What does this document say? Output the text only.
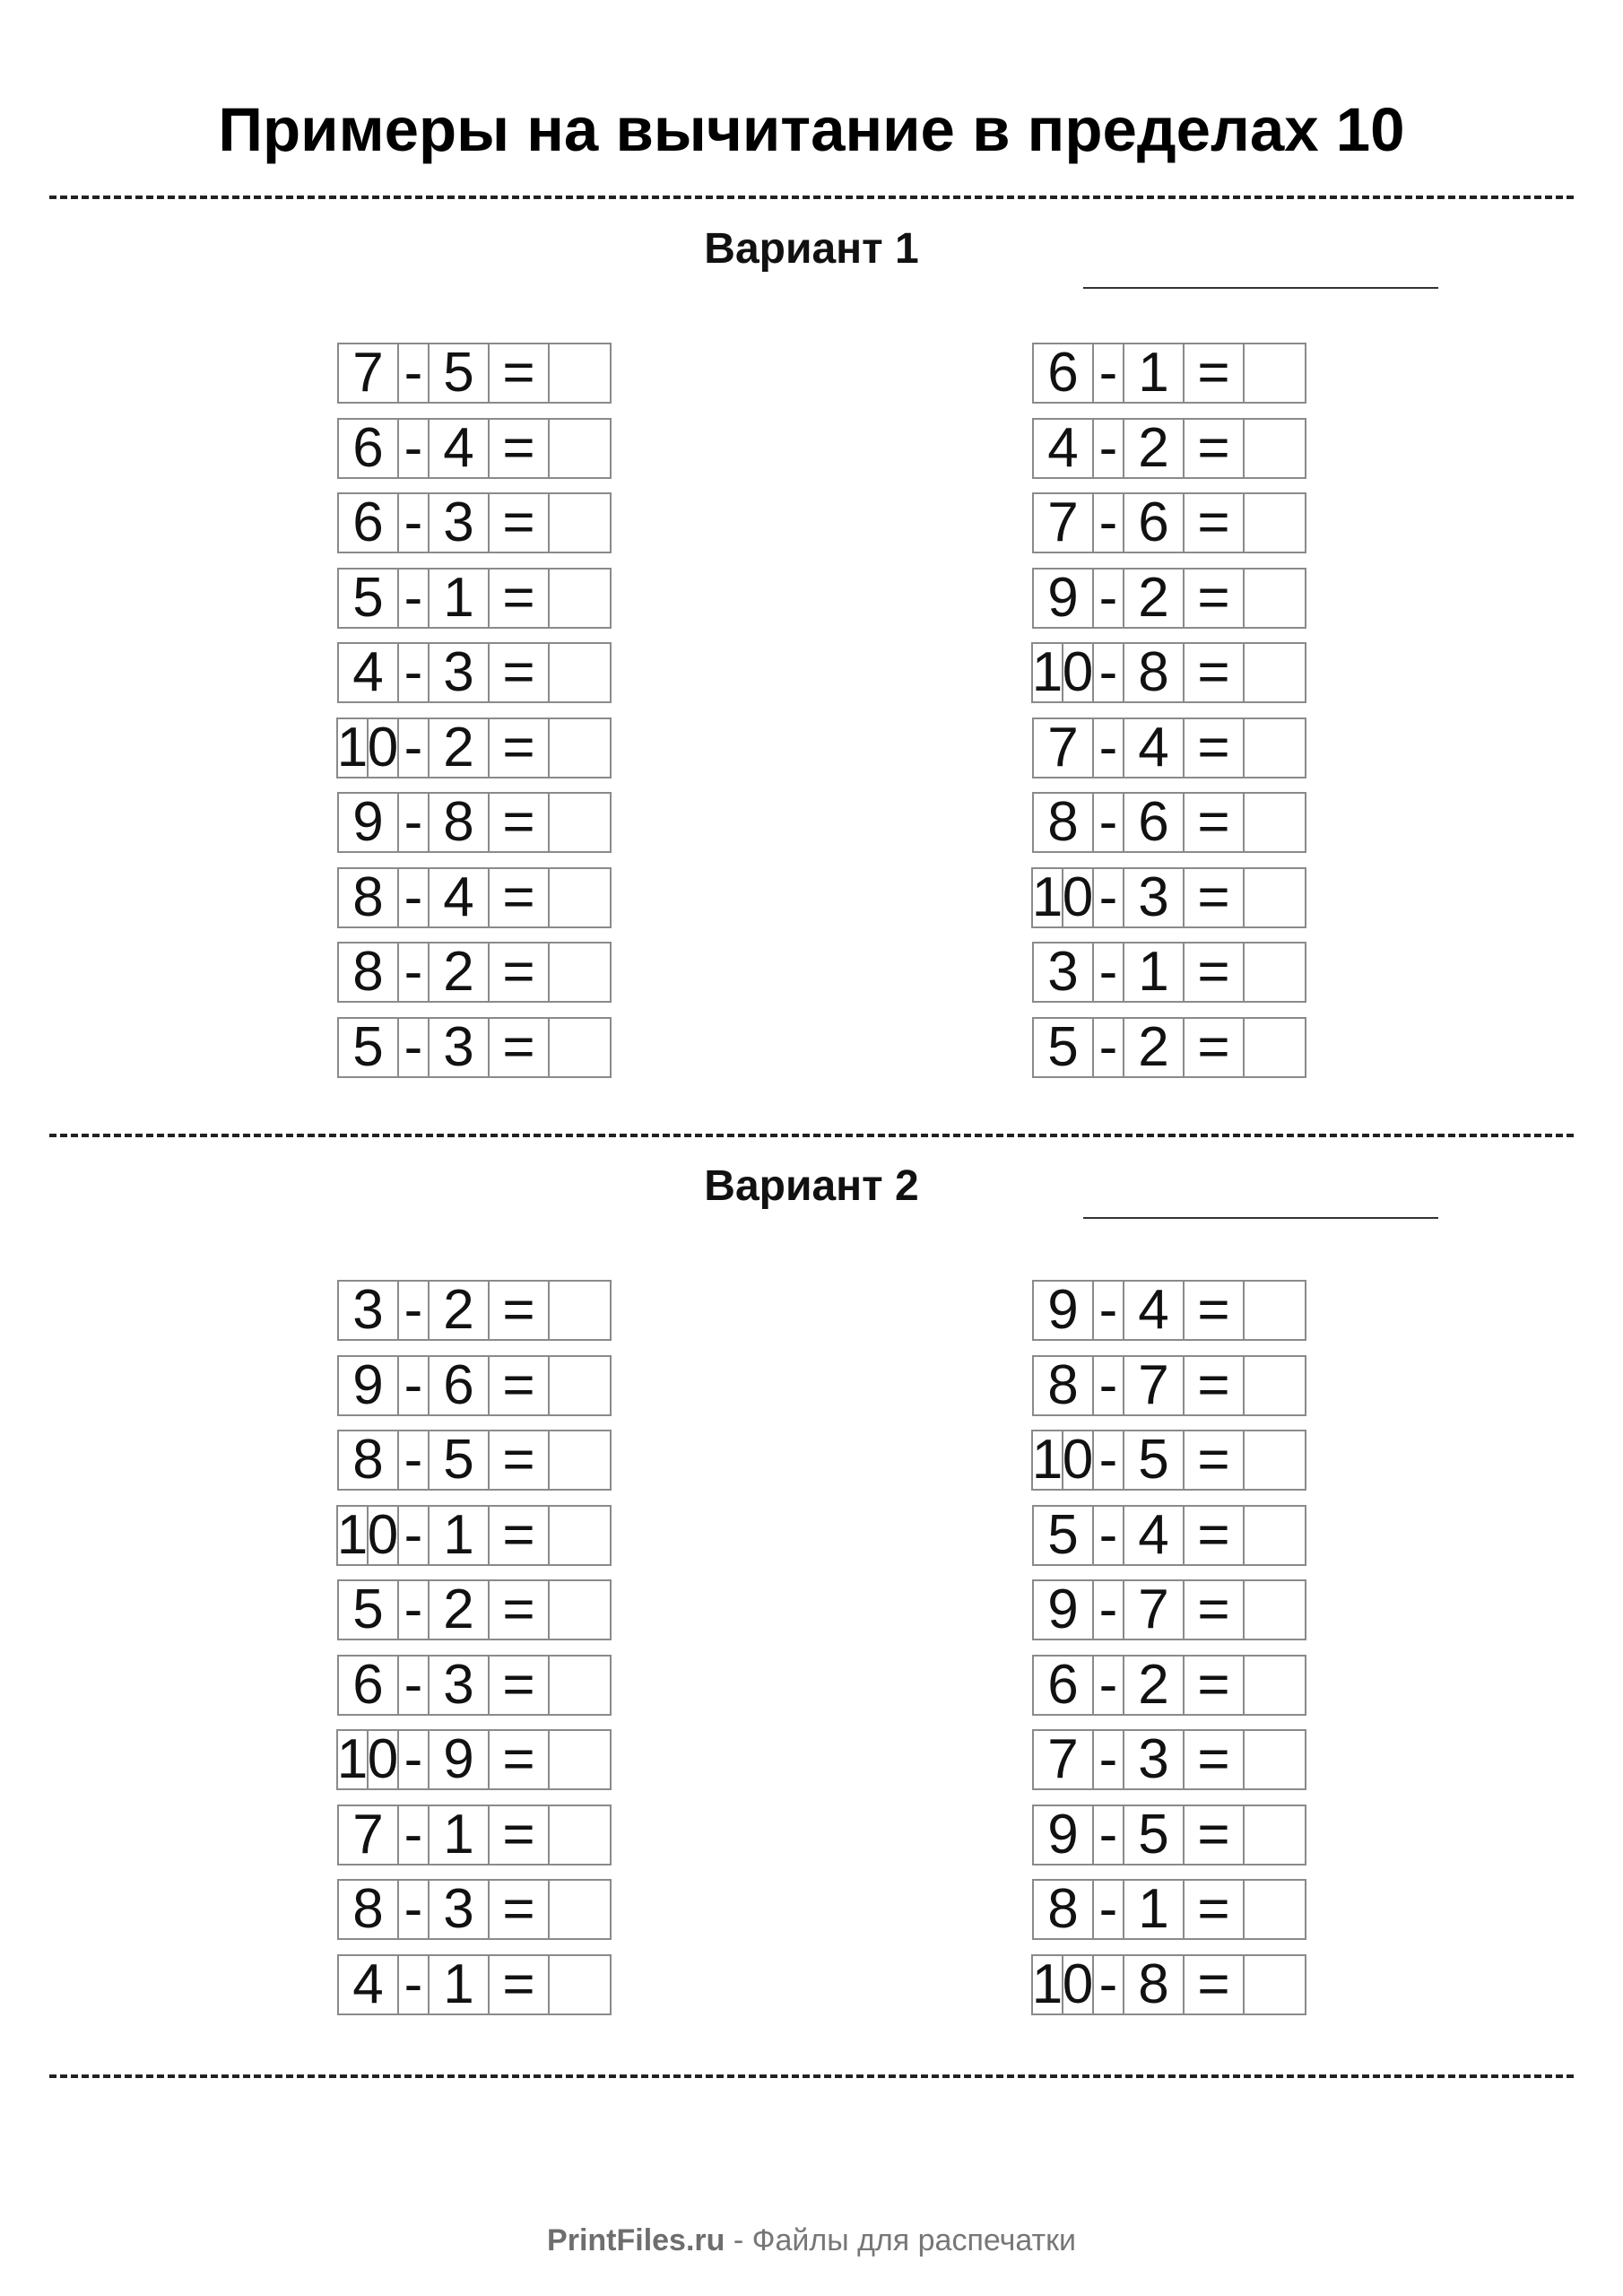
Примеры на вычитание в пределах 10
Вариант 1
=
5
-
7
=
4
-
6
=
3
-
6
=
1
-
5
=
3
-
4
=
2
-
0
1
=
8
-
9
=
4
-
8
=
2
-
8
=
3
-
5
=
1
-
6
=
2
-
4
=
6
-
7
=
2
-
9
=
8
-
0
1
=
4
-
7
=
6
-
8
=
3
-
0
1
=
1
-
3
=
2
-
5
Вариант 2
=
2
-
3
=
6
-
9
=
5
-
8
=
1
-
0
1
=
2
-
5
=
3
-
6
=
9
-
0
1
=
1
-
7
=
3
-
8
=
1
-
4
=
4
-
9
=
7
-
8
=
5
-
0
1
=
4
-
5
=
7
-
9
=
2
-
6
=
3
-
7
=
5
-
9
=
1
-
8
=
8
-
0
1
PrintFiles.ru - Файлы для распечатки
